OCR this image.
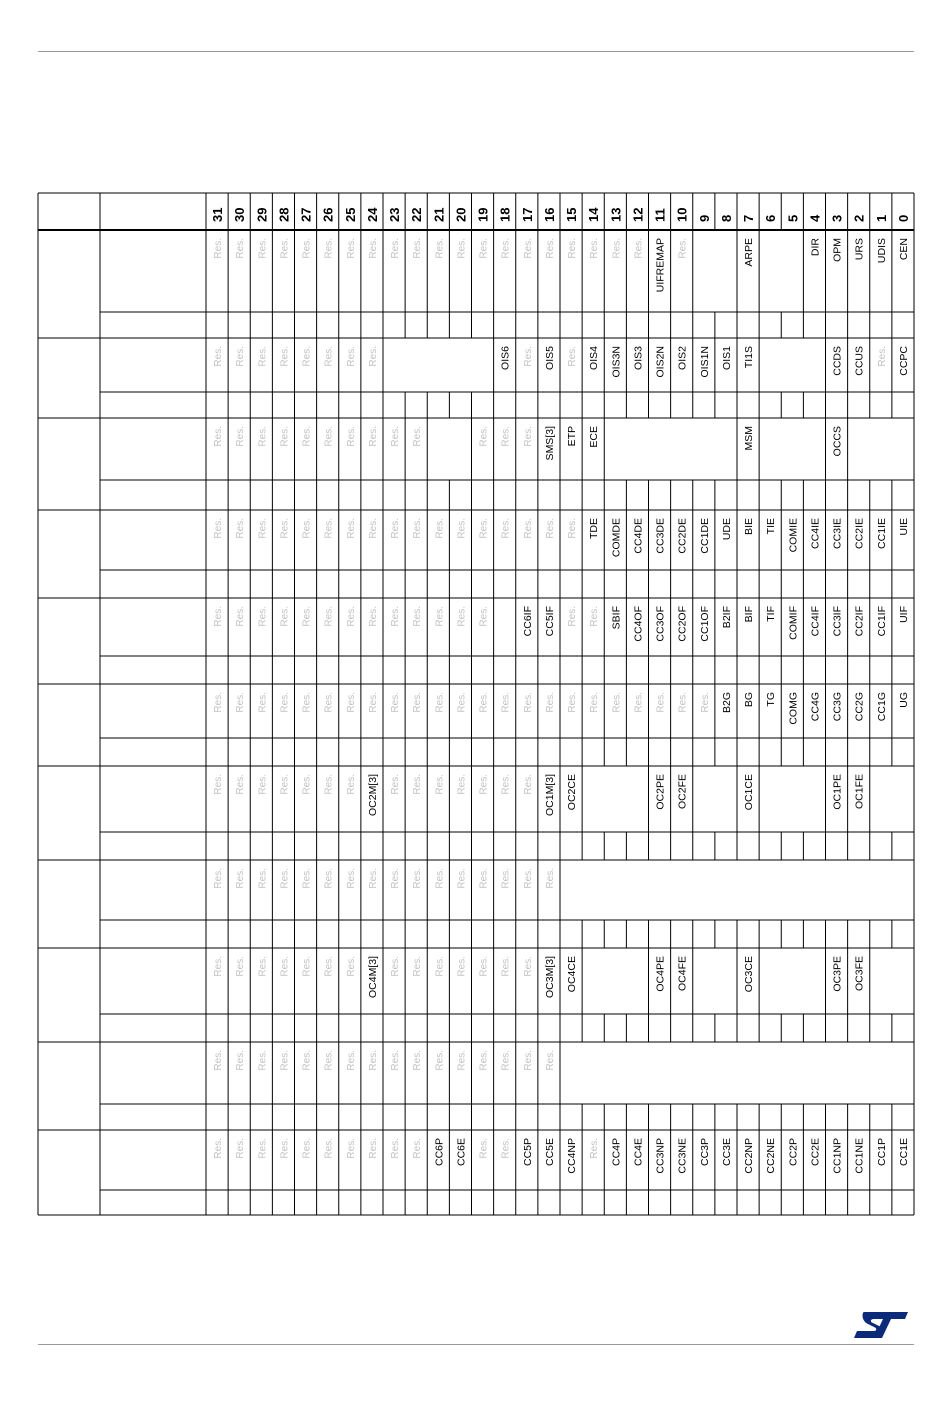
31 30 29 28 27 26 25 24 23 22 21 20 19 18 17 16 15 14 13 12 11 10 9 8 7 6 5 4 3 2 1 0
Res. Res. Res. Res. Res. Res. Res. Res. Res. Res. Res. Res. Res. Res. Res. Res. Res. Res. Res. Res. UIFREMAP Res.	ARPE	DIR OPM URS UDIS CEN
Res. Res. Res. Res. Res. Res. Res. Res.	OIS6 Res. OIS5 Res. OIS4 OIS3N OIS3 OIS2N OIS2 OIS1N OIS1 TI1S	CCDS CCUS Res. CCPC
Res. Res. Res. Res. Res. Res. Res. Res. Res. Res.	Res. Res. Res. SMS[3] ETP ECE	MSM	OCCS
Res. Res. Res. Res. Res. Res. Res. Res. Res. Res. Res. Res. Res. Res. Res. Res. Res. TDE COMDE CC4DE CC3DE CC2DE CC1DE UDE BIE TIE COMIE CC4IE CC3IE CC2IE CC1IE UIE
Res. Res. Res. Res. Res. Res. Res. Res. Res. Res. Res. Res. Res.	CC6IF CC5IF Res. Res. SBIF CC4OF CC3OF CC2OF CC1OF B2IF BIF TIF COMIF CC4IF CC3IF CC2IF CC1IF UIF
Res. Res. Res. Res. Res. Res. Res. Res. Res. Res. Res. Res. Res. Res. Res. Res. Res. Res. Res. Res. Res. Res. Res. B2G BG TG COMG CC4G CC3G CC2G CC1G UG
Res. Res. Res. Res. Res. Res. Res. OC2M[3] Res. Res. Res. Res. Res. Res. Res. OC1M[3] OC2CE	OC2PE OC2FE	OC1CE	OC1PE OC1FE
Res. Res. Res. Res. Res. Res. Res. Res. Res. Res. Res. Res. Res. Res. Res. Res.
Res. Res. Res. Res. Res. Res. Res. OC4M[3] Res. Res. Res. Res. Res. Res. Res. OC3M[3] OC4CE	OC4PE OC4FE	OC3CE	OC3PE OC3FE
Res. Res. Res. Res. Res. Res. Res. Res. Res. Res. Res. Res. Res. Res. Res. Res.
Res. Res. Res. Res. Res. Res. Res. Res. Res. Res. CC6P CC6E Res. Res. CC5P CC5E CC4NP Res. CC4P CC4E CC3NP CC3NE CC3P CC3E CC2NP CC2NE CC2P CC2E CC1NP CC1NE CC1P CC1E
